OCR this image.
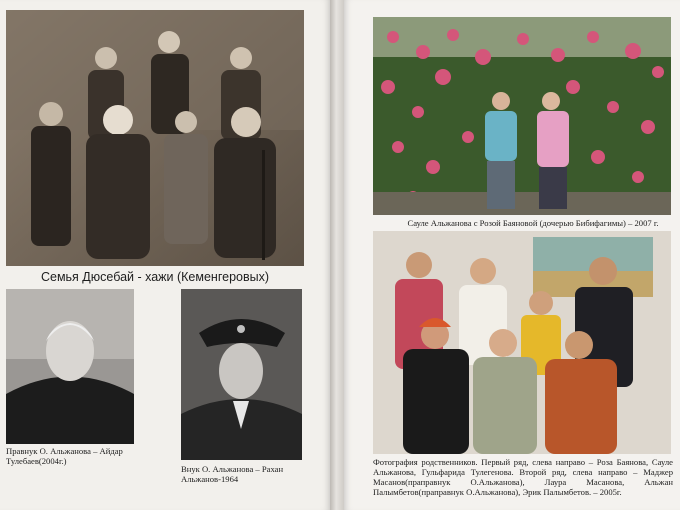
Семья Дюсебай - хажи (Кеменгеровых)
Правнук О. Альжанова – Айдар Тулебаев(2004г.)
Внук О. Альжанова – Рахан Альжанов-1964
Сауле Альжанова с Розой Баяновой (дочерью Бибифагимы) – 2007 г.
Фотография родственников. Первый ряд, слева направо – Роза Баянова, Сауле Альжанова, Гульфарида Тулегенова. Второй ряд, слева направо – Маджер Масанов(праправнук О.Альжанова), Лаура Масанова, Альжан Палымбетов(праправнук О.Альжанова), Эрик Палымбетов. – 2005г.
